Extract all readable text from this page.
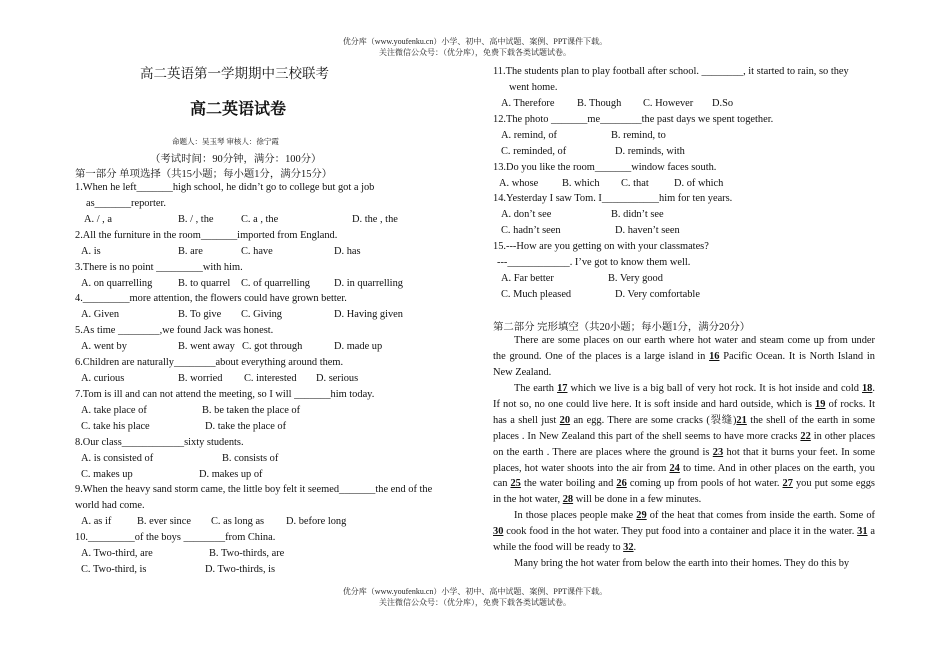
优分库（www.youfenku.cn）小学、初中、高中试题、案例、PPT课件下载。
关注微信公众号：（优分库），免费下载各类试题试卷。
优分库（www.youfenku.cn）小学、初中、高中试题、案例、PPT课件下载。
关注微信公众号：（优分库），免费下载各类试题试卷。
高二英语第一学期期中三校联考
高二英语试卷
命题人：吴玉琴 审核人：徐宁霞
（考试时间：90分钟，满分：100分）
第一部分 单项选择（共15小题；每小题1分，满分15分）
1.When he left_______high school, he didn’t go to college but got a job
as_______reporter.
A. / , a	B. / , the	C. a , the	D. the , the
2.All the furniture in the room_______imported from England.
A. is	B. are	C. have	D. has
3.There is no point _________with him.
A. on quarrelling B. to quarrel C. of quarrelling D. in quarrelling
4._________more attention, the flowers could have grown better.
A. Given	B. To give C. Giving	D. Having given
5.As time ________,we found Jack was honest.
A. went by	B. went away C. got through	D. made up
6.Children are naturally________about everything around them.
A. curious	B. worried C. interested D. serious
7.Tom is ill and can not attend the meeting, so I will _______him today.
A. take place of	B. be taken the place of
C. take his place	D. take the place of
8.Our class____________sixty students.
A. is consisted of	B. consists of
C. makes up	D. makes up of
9.When the heavy sand storm came, the little boy felt it seemed_______the end of the
world had come.
A. as if B. ever since C. as long as D. before long
10._________of the boys ________from China.
A. Two-third, are	B. Two-thirds, are
C. Two-third, is	D. Two-thirds, is
11.The students plan to play football after school. ________, it started to rain, so they
went home.
A. Therefore B. Though C. However D.So
12.The photo _______me________the past days we spent together.
A. remind, of	B. remind, to
C. reminded, of	D. reminds, with
13.Do you like the room_______window faces south.
A. whose B. which C. that D. of which
14.Yesterday I saw Tom. I___________him for ten years.
A. don’t see	B. didn’t see
C. hadn’t seen	D. haven’t seen
15.---How are you getting on with your classmates?
---____________. I’ve got to know them well.
A. Far better	B. Very good
C. Much pleased	D. Very comfortable
第二部分 完形填空（共20小题；每小题1分，满分20分）
There are some places on our earth where hot water and steam come up from under the ground. One of the places is a large island in 16 Pacific Ocean. It is North Island in New Zealand.
The earth 17 which we live is a big ball of very hot rock. It is hot inside and cold 18. If not so, no one could live here. It is soft inside and hard outside, which is 19 of rocks. It has a shell just 20 an egg. There are some cracks (裂缝)21 the shell of the earth in some places . In New Zealand this part of the shell seems to have more cracks 22 in other places on the earth . There are places where the ground is 23 hot that it burns your feet. In some places, hot water shoots into the air from 24 to time. And in other places on the earth, you can 25 the water boiling and 26 coming up from pools of hot water. 27 you put some eggs in the hot water, 28 will be done in a few minutes.
In those places people make 29 of the heat that comes from inside the earth. Some of 30 cook food in the hot water. They put food into a container and place it in the water. 31 a while the food will be ready to 32.
Many bring the hot water from below the earth into their homes. They do this by
